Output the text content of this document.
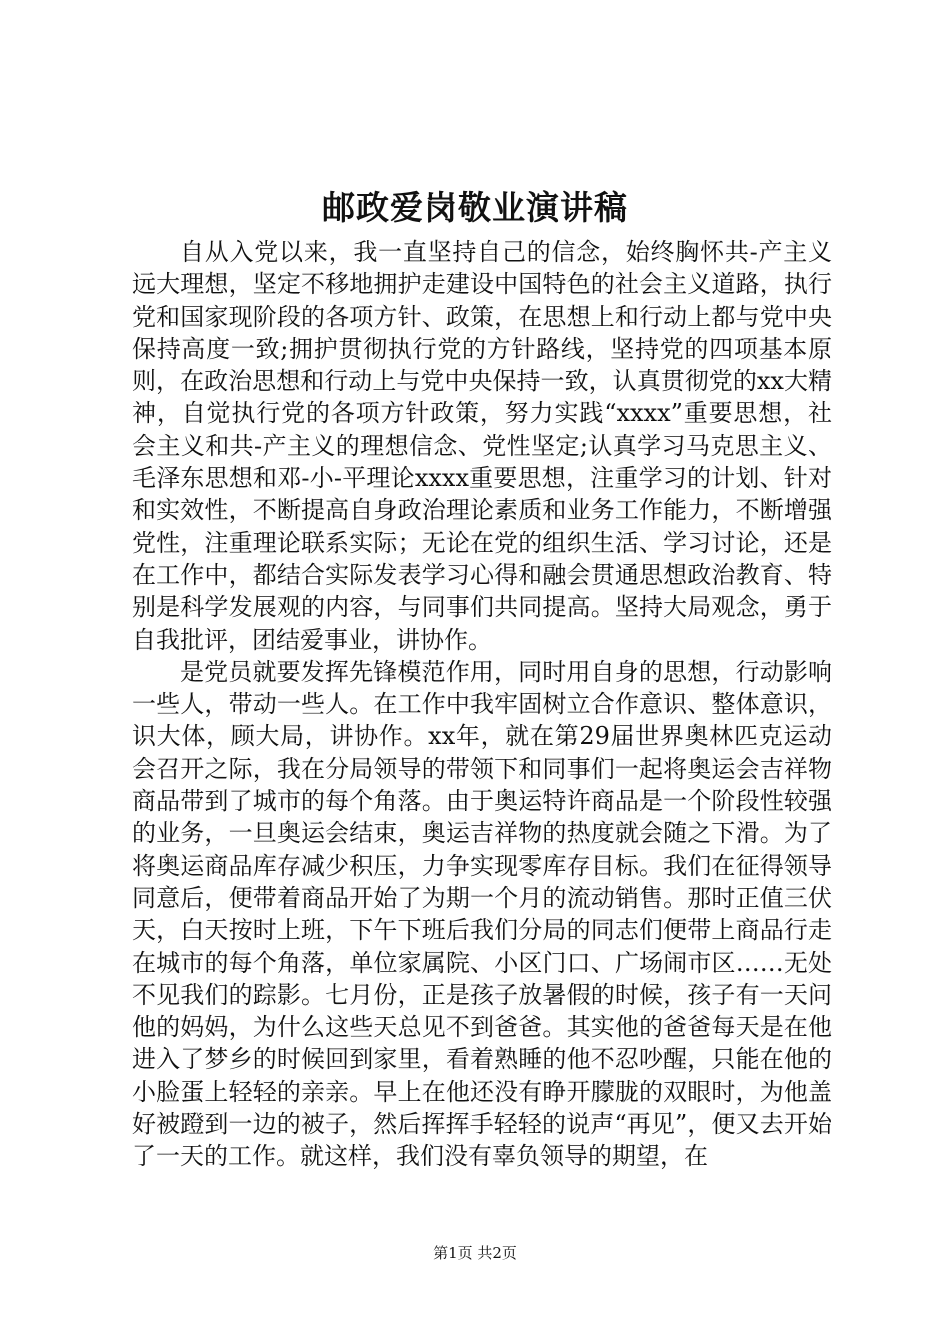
邮政爱岗敬业演讲稿

自从入党以来，我一直坚持自己的信念，始终胸怀共-产主义远大理想，坚定不移地拥护走建设中国特色的社会主义道路，执行党和国家现阶段的各项方针、政策，在思想上和行动上都与党中央保持高度一致;拥护贯彻执行党的方针路线，坚持党的四项基本原则，在政治思想和行动上与党中央保持一致，认真贯彻党的xx大精神，自觉执行党的各项方针政策，努力实践“xxxx”重要思想，社会主义和共-产主义的理想信念、党性坚定;认真学习马克思主义、毛泽东思想和邓-小-平理论xxxx重要思想，注重学习的计划、针对和实效性，不断提高自身政治理论素质和业务工作能力，不断增强党性，注重理论联系实际；无论在党的组织生活、学习讨论，还是在工作中，都结合实际发表学习心得和融会贯通思想政治教育、特别是科学发展观的内容，与同事们共同提高。坚持大局观念，勇于自我批评，团结爱事业，讲协作。

是党员就要发挥先锋模范作用，同时用自身的思想，行动影响一些人，带动一些人。在工作中我牢固树立合作意识、整体意识，识大体，顾大局，讲协作。xx年，就在第29届世界奥林匹克运动会召开之际，我在分局领导的带领下和同事们一起将奥运会吉祥物商品带到了城市的每个角落。由于奥运特许商品是一个阶段性较强的业务，一旦奥运会结束，奥运吉祥物的热度就会随之下滑。为了将奥运商品库存减少积压，力争实现零库存目标。我们在征得领导同意后，便带着商品开始了为期一个月的流动销售。那时正值三伏天，白天按时上班，下午下班后我们分局的同志们便带上商品行走在城市的每个角落，单位家属院、小区门口、广场闹市区……无处不见我们的踪影。七月份，正是孩子放暑假的时候，孩子有一天问他的妈妈，为什么这些天总见不到爸爸。其实他的爸爸每天是在他进入了梦乡的时候回到家里，看着熟睡的他不忍吵醒，只能在他的小脸蛋上轻轻的亲亲。早上在他还没有睁开朦胧的双眼时，为他盖好被蹬到一边的被子，然后挥挥手轻轻的说声“再见”，便又去开始了一天的工作。就这样，我们没有辜负领导的期望，在

第1页 共2页
